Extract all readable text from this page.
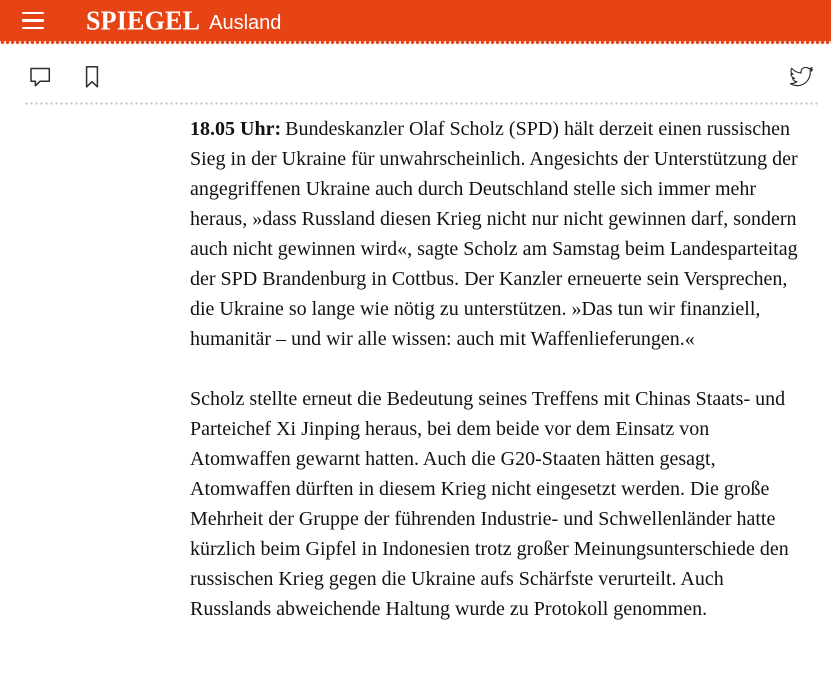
SPIEGEL Ausland

18.05 Uhr: Bundeskanzler Olaf Scholz (SPD) hält derzeit einen russischen Sieg in der Ukraine für unwahrscheinlich. Angesichts der Unterstützung der angegriffenen Ukraine auch durch Deutschland stelle sich immer mehr heraus, »dass Russland diesen Krieg nicht nur nicht gewinnen darf, sondern auch nicht gewinnen wird«, sagte Scholz am Samstag beim Landesparteitag der SPD Brandenburg in Cottbus. Der Kanzler erneuerte sein Versprechen, die Ukraine so lange wie nötig zu unterstützen. »Das tun wir finanziell, humanitär – und wir alle wissen: auch mit Waffenlieferungen.«

Scholz stellte erneut die Bedeutung seines Treffens mit Chinas Staats- und Parteichef Xi Jinping heraus, bei dem beide vor dem Einsatz von Atomwaffen gewarnt hatten. Auch die G20-Staaten hätten gesagt, Atomwaffen dürften in diesem Krieg nicht eingesetzt werden. Die große Mehrheit der Gruppe der führenden Industrie- und Schwellenländer hatte kürzlich beim Gipfel in Indonesien trotz großer Meinungsunterschiede den russischen Krieg gegen die Ukraine aufs Schärfste verurteilt. Auch Russlands abweichende Haltung wurde zu Protokoll genommen.
